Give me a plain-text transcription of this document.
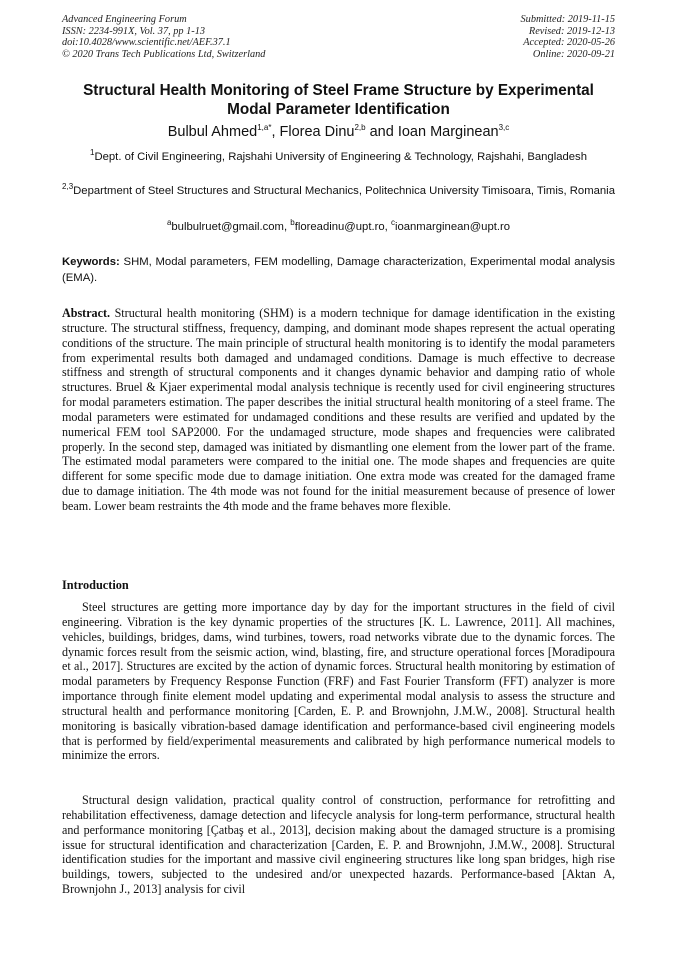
Advanced Engineering Forum
ISSN: 2234-991X, Vol. 37, pp 1-13
doi:10.4028/www.scientific.net/AEF.37.1
© 2020 Trans Tech Publications Ltd, Switzerland
Submitted: 2019-11-15
Revised: 2019-12-13
Accepted: 2020-05-26
Online: 2020-09-21
Structural Health Monitoring of Steel Frame Structure by Experimental Modal Parameter Identification
Bulbul Ahmed$^{1,a*}$, Florea Dinu$^{2,b}$ and Ioan Marginean$^{3,c}$
$^1$Dept. of Civil Engineering, Rajshahi University of Engineering & Technology, Rajshahi, Bangladesh
$^{2,3}$Department of Steel Structures and Structural Mechanics, Politechnica University Timisoara, Timis, Romania
$^a$bulbulruet@gmail.com, $^b$floreadinu@upt.ro, $^c$ioanmarginean@upt.ro
Keywords: SHM, Modal parameters, FEM modelling, Damage characterization, Experimental modal analysis (EMA).
Abstract. Structural health monitoring (SHM) is a modern technique for damage identification in the existing structure. The structural stiffness, frequency, damping, and dominant mode shapes represent the actual operating conditions of the structure. The main principle of structural health monitoring is to identify the modal parameters from experimental results both damaged and undamaged conditions. Damage is much effective to decrease stiffness and strength of structural components and it changes dynamic behavior and damping ratio of whole structures. Bruel & Kjaer experimental modal analysis technique is recently used for civil engineering structures for modal parameters estimation. The paper describes the initial structural health monitoring of a steel frame. The modal parameters were estimated for undamaged conditions and these results are verified and updated by the numerical FEM tool SAP2000. For the undamaged structure, mode shapes and frequencies were calibrated properly. In the second step, damaged was initiated by dismantling one element from the lower part of the frame. The estimated modal parameters were compared to the initial one. The mode shapes and frequencies are quite different for some specific mode due to damage initiation. One extra mode was created for the damaged frame due to damage initiation. The 4th mode was not found for the initial measurement because of presence of lower beam. Lower beam restraints the 4th mode and the frame behaves more flexible.
Introduction
Steel structures are getting more importance day by day for the important structures in the field of civil engineering. Vibration is the key dynamic properties of the structures [K. L. Lawrence, 2011]. All machines, vehicles, buildings, bridges, dams, wind turbines, towers, road networks vibrate due to the dynamic forces. The dynamic forces result from the seismic action, wind, blasting, fire, and structure operational forces [Moradipoura et al., 2017]. Structures are excited by the action of dynamic forces. Structural health monitoring by estimation of modal parameters by Frequency Response Function (FRF) and Fast Fourier Transform (FFT) analyzer is more importance through finite element model updating and experimental modal analysis to assess the structure and structural health and performance monitoring [Carden, E. P. and Brownjohn, J.M.W., 2008]. Structural health monitoring is basically vibration-based damage identification and performance-based civil engineering models that is performed by field/experimental measurements and calibrated by high performance numerical models to minimize the errors.
Structural design validation, practical quality control of construction, performance for retrofitting and rehabilitation effectiveness, damage detection and lifecycle analysis for long-term performance, structural health and performance monitoring [Çatbaş et al., 2013], decision making about the damaged structure is a promising issue for structural identification and characterization [Carden, E. P. and Brownjohn, J.M.W., 2008]. Structural identification studies for the important and massive civil engineering structures like long span bridges, high rise buildings, towers, subjected to the undesired and/or unexpected hazards. Performance-based [Aktan A, Brownjohn J., 2013] analysis for civil
